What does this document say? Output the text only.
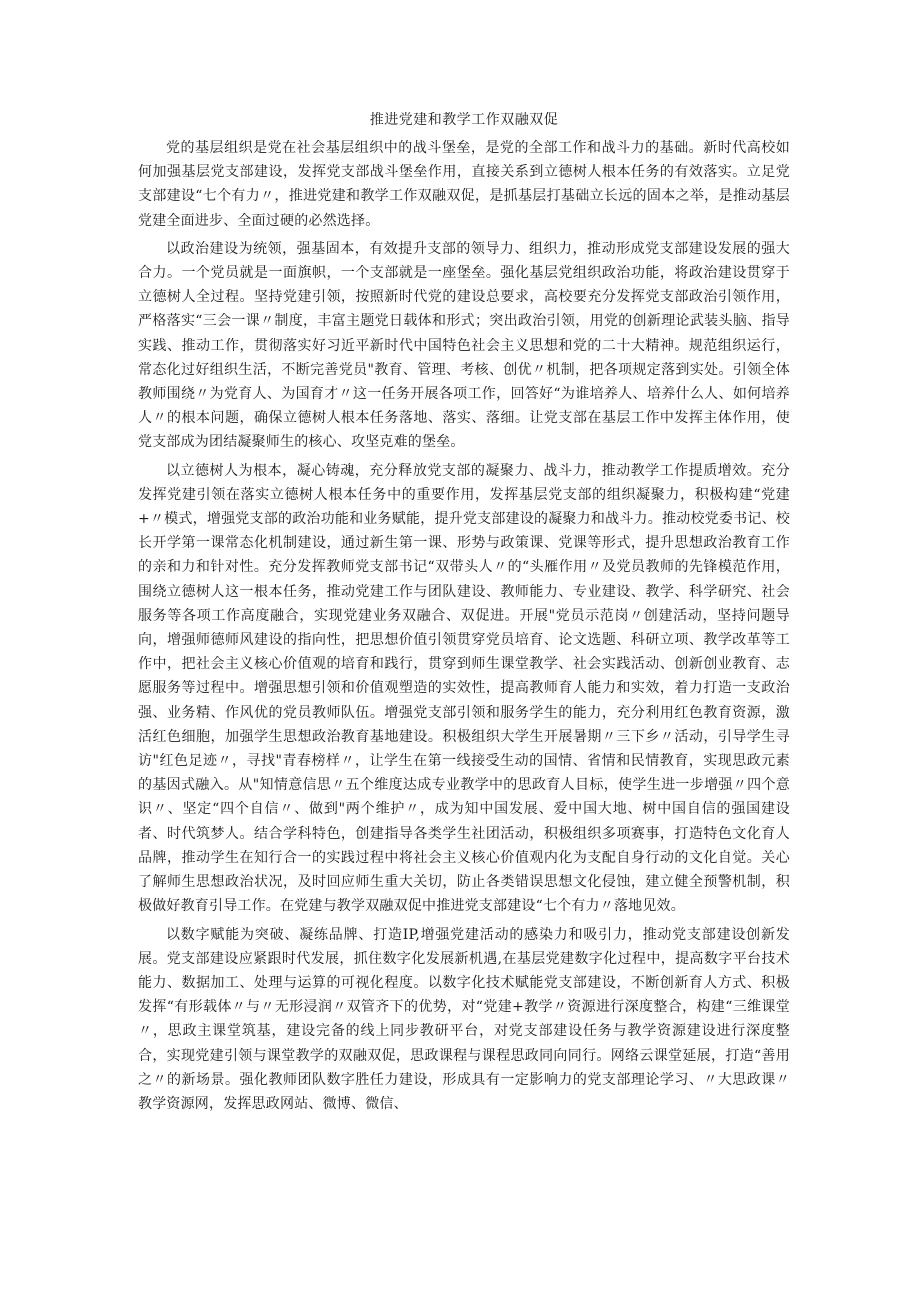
推进党建和教学工作双融双促

党的基层组织是党在社会基层组织中的战斗堡垒，是党的全部工作和战斗力的基础。新时代高校如何加强基层党支部建设，发挥党支部战斗堡垒作用，直接关系到立德树人根本任务的有效落实。立足党支部建设“七个有力〃，推进党建和教学工作双融双促，是抓基层打基础立长远的固本之举，是推动基层党建全面进步、全面过硬的必然选择。

以政治建设为统领，强基固本，有效提升支部的领导力、组织力，推动形成党支部建设发展的强大合力。一个党员就是一面旗帜，一个支部就是一座堡垒。强化基层党组织政治功能，将政治建设贯穿于立德树人全过程。坚持党建引领，按照新时代党的建设总要求，高校要充分发挥党支部政治引领作用，严格落实“三会一课〃制度，丰富主题党日载体和形式；突出政治引领，用党的创新理论武装头脑、指导实践、推动工作，贯彻落实好习近平新时代中国特色社会主义思想和党的二十大精神。规范组织运行，常态化过好组织生活，不断完善党员"教育、管理、考核、创优〃机制，把各项规定落到实处。引领全体教师围绕〃为党育人、为国育才〃这一任务开展各项工作，回答好“为谁培养人、培养什么人、如何培养人〃的根本问题，确保立德树人根本任务落地、落实、落细。让党支部在基层工作中发挥主体作用，使党支部成为团结凝聚师生的核心、攻坚克难的堡垒。

以立德树人为根本，凝心铸魂，充分释放党支部的凝聚力、战斗力，推动教学工作提质增效。充分发挥党建引领在落实立德树人根本任务中的重要作用，发挥基层党支部的组织凝聚力，积极构建“党建+〃模式，增强党支部的政治功能和业务赋能，提升党支部建设的凝聚力和战斗力。推动校党委书记、校长开学第一课常态化机制建设，通过新生第一课、形势与政策课、党课等形式，提升思想政治教育工作的亲和力和针对性。充分发挥教师党支部书记“双带头人〃的“头雁作用〃及党员教师的先锋模范作用，围绕立德树人这一根本任务，推动党建工作与团队建设、教师能力、专业建设、教学、科学研究、社会服务等各项工作高度融合，实现党建业务双融合、双促进。开展"党员示范岗〃创建活动，坚持问题导向，增强师德师风建设的指向性，把思想价值引领贯穿党员培育、论文选题、科研立项、教学改革等工作中，把社会主义核心价值观的培育和践行，贯穿到师生课堂教学、社会实践活动、创新创业教育、志愿服务等过程中。增强思想引领和价值观塑造的实效性，提高教师育人能力和实效，着力打造一支政治强、业务精、作风优的党员教师队伍。增强党支部引领和服务学生的能力，充分利用红色教育资源，激活红色细胞，加强学生思想政治教育基地建设。积极组织大学生开展暑期〃三下乡〃活动，引导学生寻访"红色足迹〃，寻找"青春榜样〃，让学生在第一线接受生动的国情、省情和民情教育，实现思政元素的基因式融入。从"知情意信思〃五个维度达成专业教学中的思政育人目标，使学生进一步增强〃四个意识〃、坚定“四个自信〃、做到"两个维护〃，成为知中国发展、爱中国大地、树中国自信的强国建设者、时代筑梦人。结合学科特色，创建指导各类学生社团活动，积极组织多项赛事，打造特色文化育人品牌，推动学生在知行合一的实践过程中将社会主义核心价值观内化为支配自身行动的文化自觉。关心了解师生思想政治状况，及时回应师生重大关切，防止各类错误思想文化侵蚀，建立健全预警机制，积极做好教育引导工作。在党建与教学双融双促中推进党支部建设“七个有力〃落地见效。

以数字赋能为突破、凝练品牌、打造IP,增强党建活动的感染力和吸引力，推动党支部建设创新发展。党支部建设应紧跟时代发展，抓住数字化发展新机遇,在基层党建数字化过程中，提高数字平台技术能力、数据加工、处理与运算的可视化程度。以数字化技术赋能党支部建设，不断创新育人方式、积极发挥“有形载体〃与〃无形浸润〃双管齐下的优势，对“党建+教学〃资源进行深度整合，构建“三维课堂〃，思政主课堂筑基，建设完备的线上同步教研平台，对党支部建设任务与教学资源建设进行深度整合，实现党建引领与课堂教学的双融双促，思政课程与课程思政同向同行。网络云课堂延展，打造“善用之〃的新场景。强化教师团队数字胜任力建设，形成具有一定影响力的党支部理论学习、〃大思政课〃教学资源网，发挥思政网站、微博、微信、
